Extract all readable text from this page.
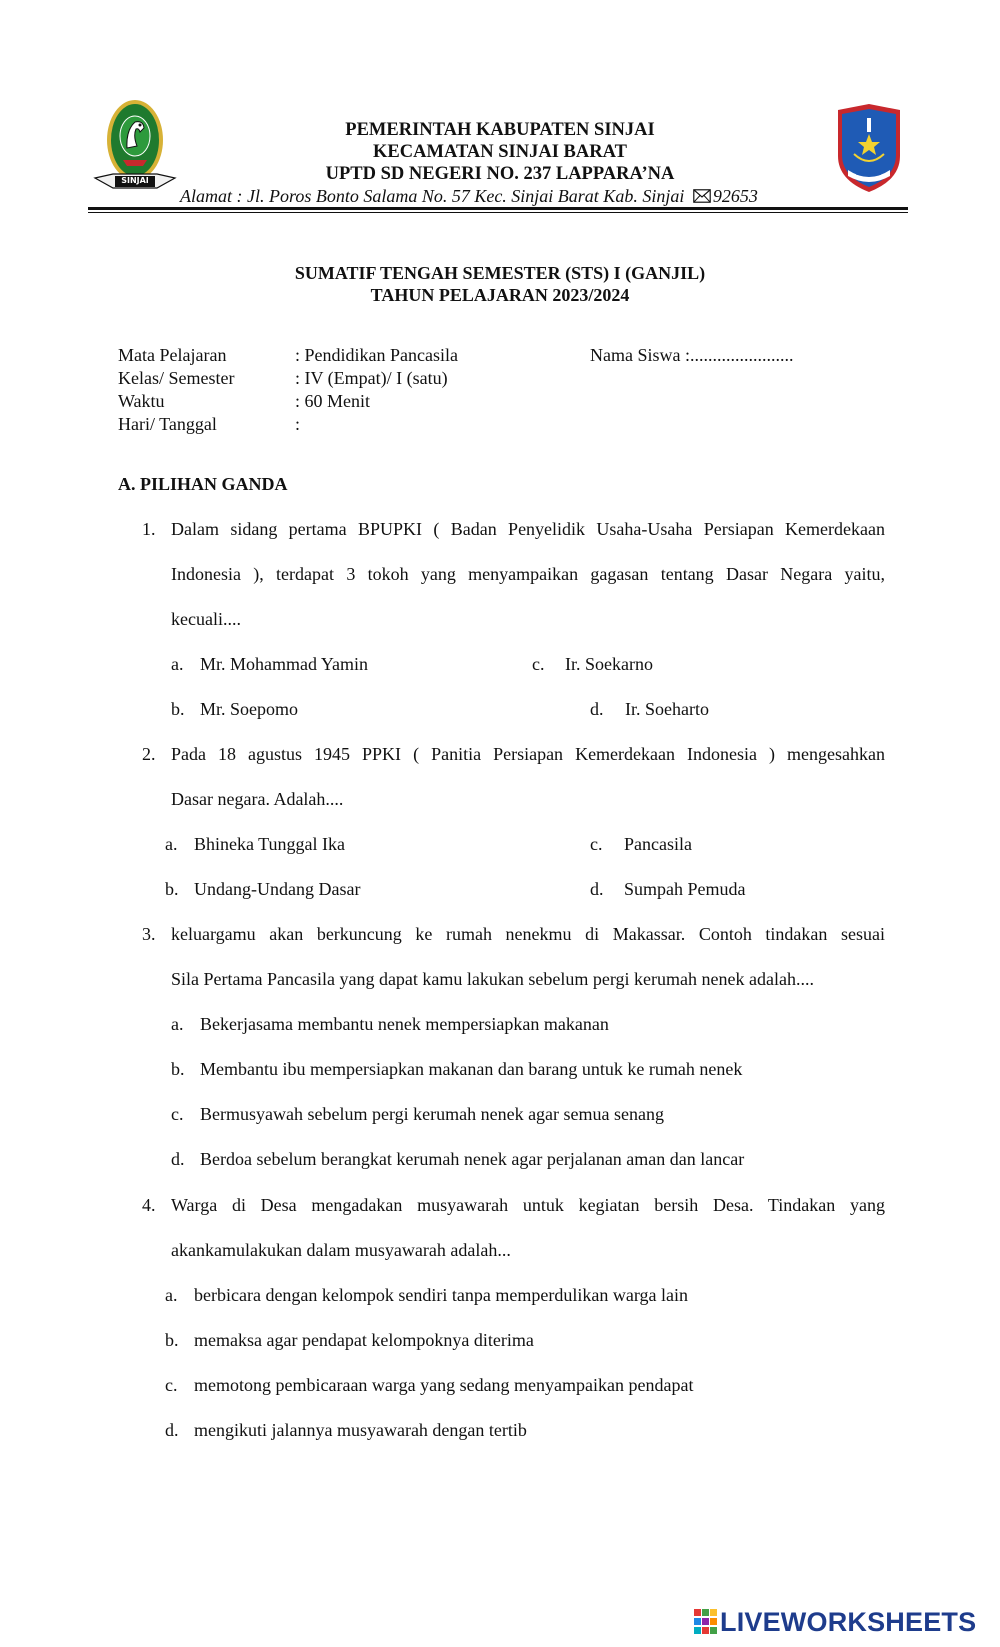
SINJAI
SINJAI BARAT
PEMERINTAH KABUPATEN SINJAI
KECAMATAN SINJAI BARAT
UPTD SD NEGERI NO. 237 LAPPARA’NA
Alamat : Jl. Poros Bonto Salama No. 57 Kec. Sinjai Barat Kab. Sinjai 92653
SUMATIF TENGAH SEMESTER (STS) I (GANJIL)
TAHUN PELAJARAN 2023/2024
Mata Pelajaran	: Pendidikan Pancasila	Nama Siswa :.......................
Kelas/ Semester	: IV (Empat)/ I (satu)
Waktu	: 60 Menit
Hari/ Tanggal	:
A. PILIHAN GANDA
1. Dalam sidang pertama BPUPKI ( Badan Penyelidik Usaha-Usaha Persiapan Kemerdekaan
Indonesia ), terdapat 3 tokoh yang menyampaikan gagasan tentang Dasar Negara yaitu,
kecuali....
a. Mr. Mohammad Yamin	c. Ir. Soekarno
b. Mr. Soepomo	d. Ir. Soeharto
2. Pada 18 agustus 1945 PPKI ( Panitia Persiapan Kemerdekaan Indonesia ) mengesahkan
Dasar negara. Adalah....
a. Bhineka Tunggal Ika	c. Pancasila
b. Undang-Undang Dasar	d. Sumpah Pemuda
3. keluargamu akan berkuncung ke rumah nenekmu di Makassar. Contoh tindakan sesuai
Sila Pertama Pancasila yang dapat kamu lakukan sebelum pergi kerumah nenek adalah....
a. Bekerjasama membantu nenek mempersiapkan makanan
b. Membantu ibu mempersiapkan makanan dan barang untuk ke rumah nenek
c. Bermusyawah sebelum pergi kerumah nenek agar semua senang
d. Berdoa sebelum berangkat kerumah nenek agar perjalanan aman dan lancar
4. Warga di Desa mengadakan musyawarah untuk kegiatan bersih Desa. Tindakan yang
akankamulakukan dalam musyawarah adalah...
a. berbicara dengan kelompok sendiri tanpa memperdulikan warga lain
b. memaksa agar pendapat kelompoknya diterima
c. memotong pembicaraan warga yang sedang menyampaikan pendapat
d. mengikuti jalannya musyawarah dengan tertib
LIVEWORKSHEETS
